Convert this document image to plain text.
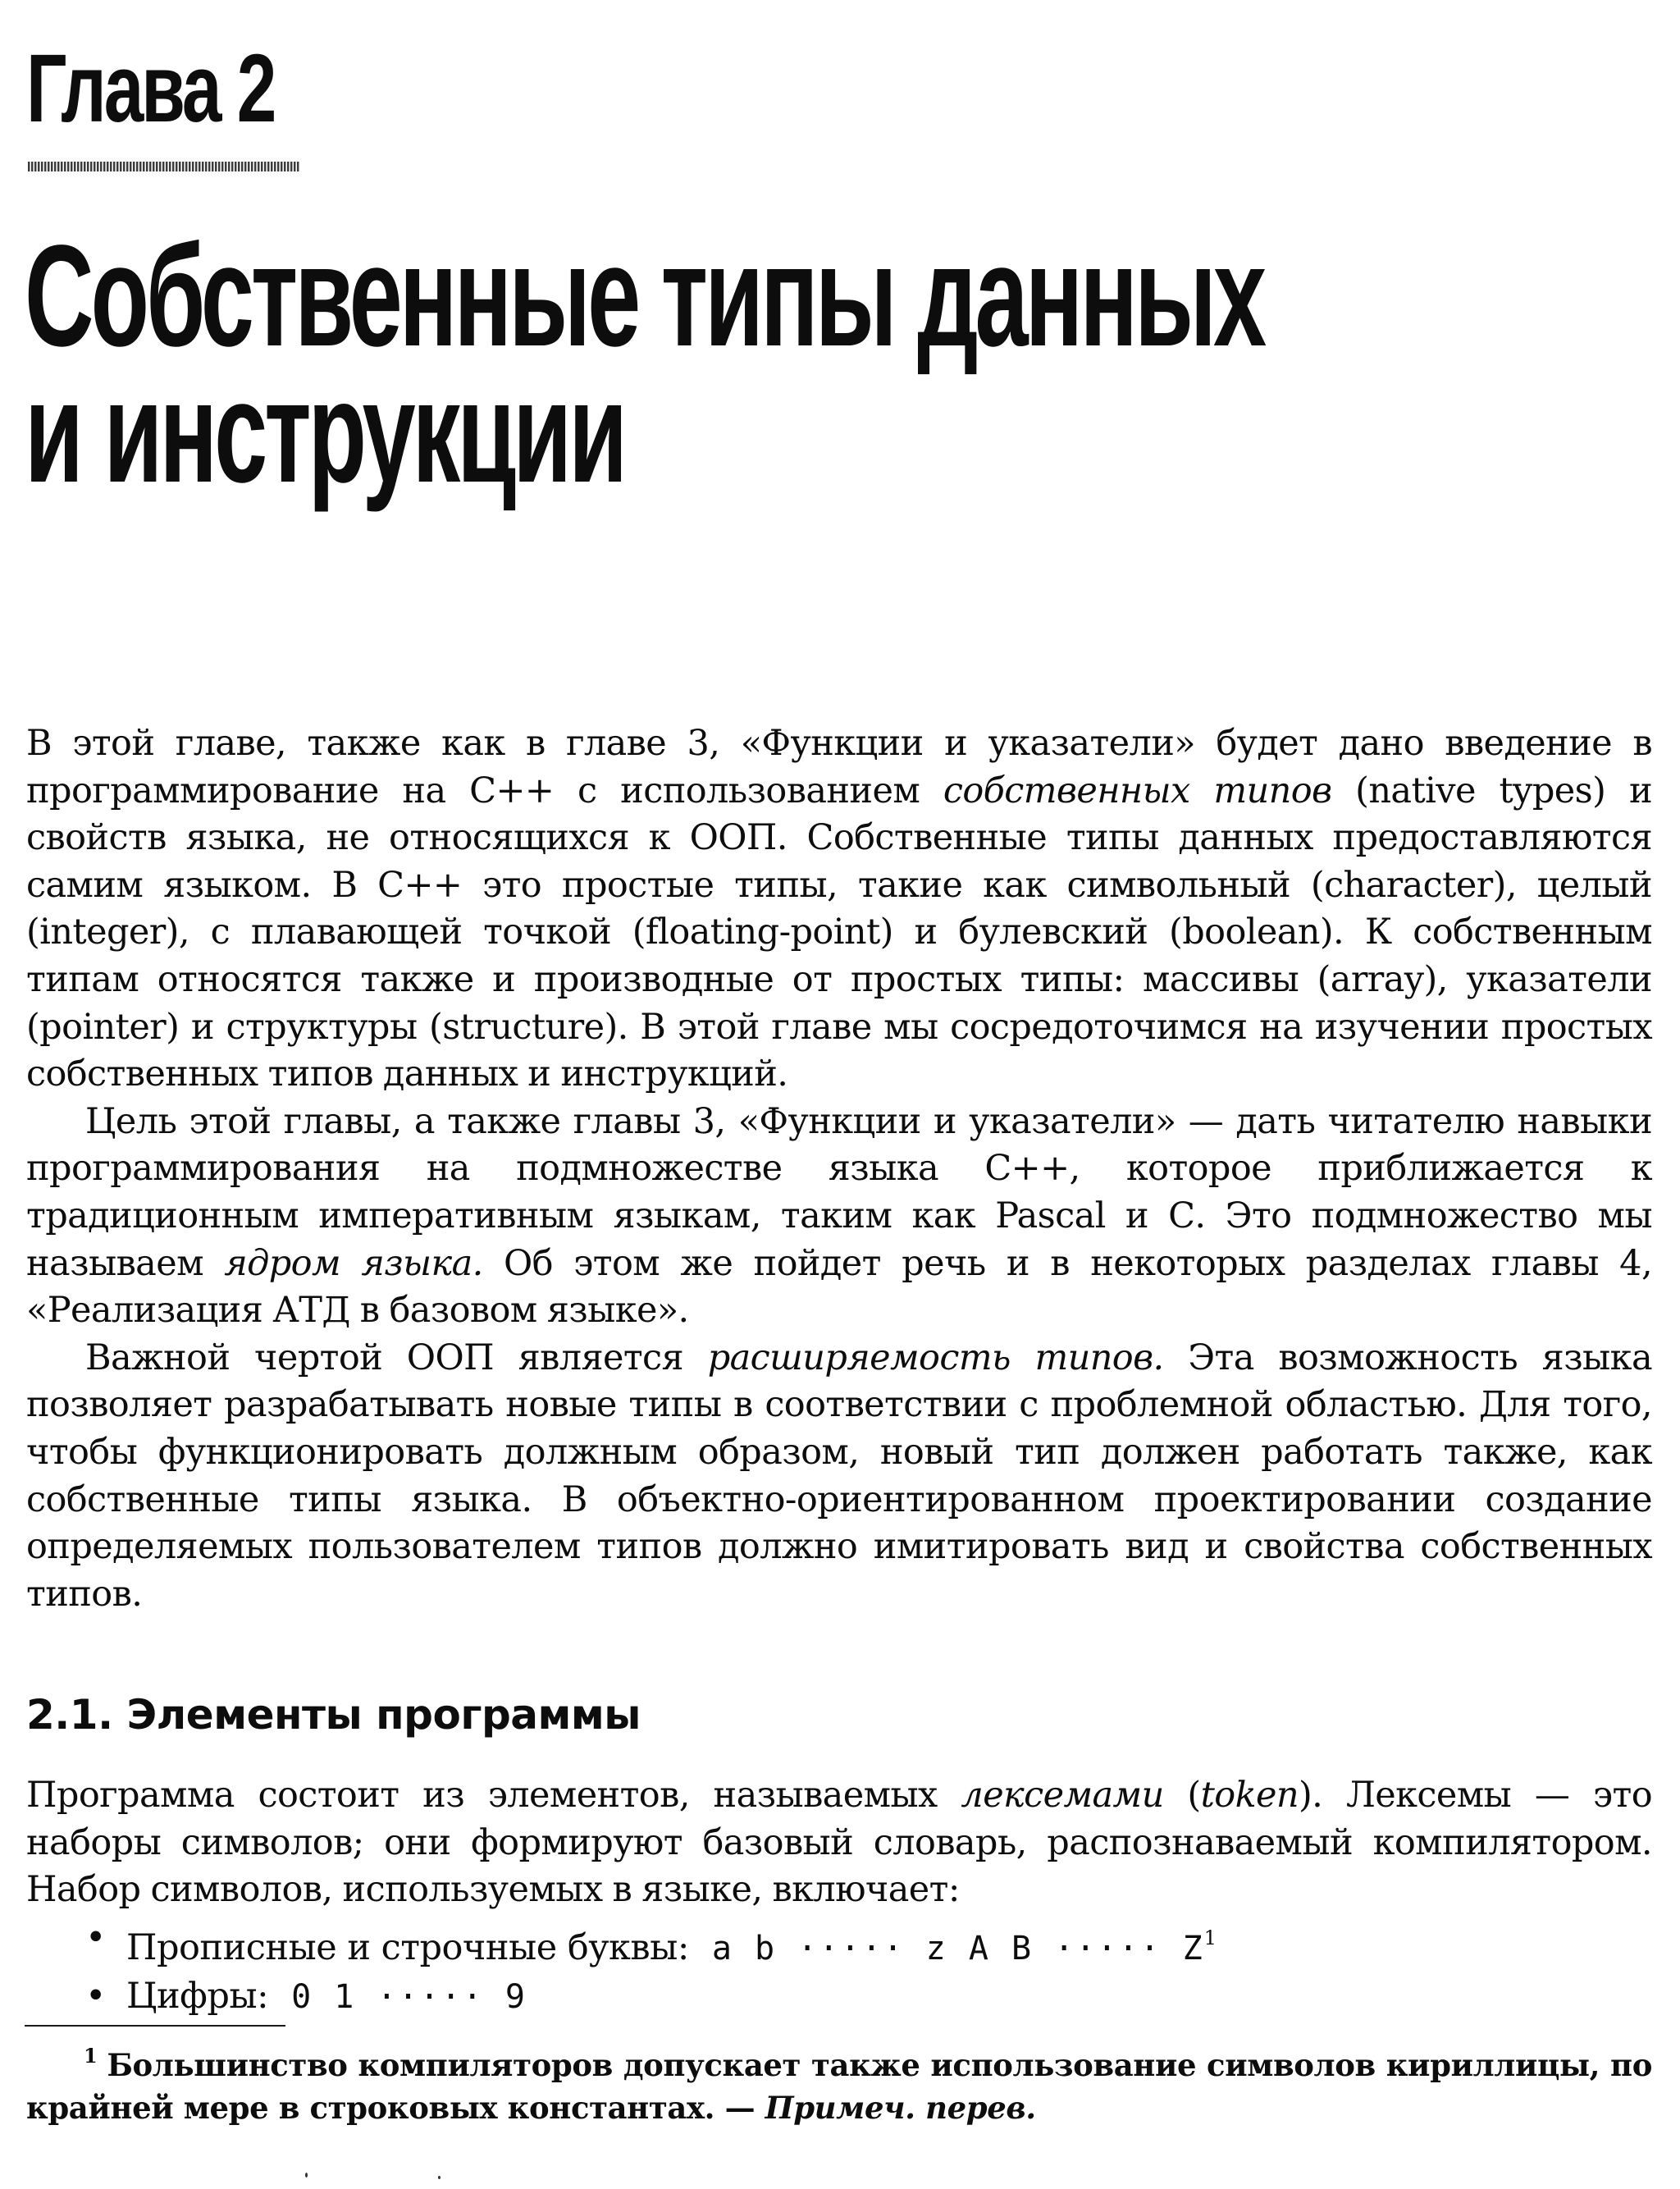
Глава 2
Собственные типы данных
и инструкции

В этой главе, также как в главе 3, «Функции и указатели» будет дано введение в программирование на С++ с использованием собственных типов (native types) и свойств языка, не относящихся к ООП. Собственные типы данных предоставляются самим языком. В С++ это простые типы, такие как символьный (character), целый (integer), с плавающей точкой (floating-point) и булевский (boolean). К собственным типам относятся также и производные от простых типы: массивы (array), указатели (pointer) и структуры (structure). В этой главе мы сосредоточимся на изучении простых собственных типов данных и инструкций.

Цель этой главы, а также главы 3, «Функции и указатели» — дать читателю навыки программирования на подмножестве языка С++, которое приближается к традиционным императивным языкам, таким как Pascal и С. Это подмножество мы называем ядром языка. Об этом же пойдет речь и в некоторых разделах главы 4, «Реализация АТД в базовом языке».

Важной чертой ООП является расширяемость типов. Эта возможность языка позволяет разрабатывать новые типы в соответствии с проблемной областью. Для того, чтобы функционировать должным образом, новый тип должен работать также, как собственные типы языка. В объектно-ориентированном проектировании создание определяемых пользователем типов должно имитировать вид и свойства собственных типов.

2.1. Элементы программы

Программа состоит из элементов, называемых лексемами (token). Лексемы — это наборы символов; они формируют базовый словарь, распознаваемый компилятором. Набор символов, используемых в языке, включает:

• Прописные и строчные буквы: a b ····· z A B ····· Z$^1$
• Цифры: 0 1 ····· 9

$^1$ Большинство компиляторов допускает также использование символов кириллицы, по крайней мере в строковых константах. — Примеч. перев.
